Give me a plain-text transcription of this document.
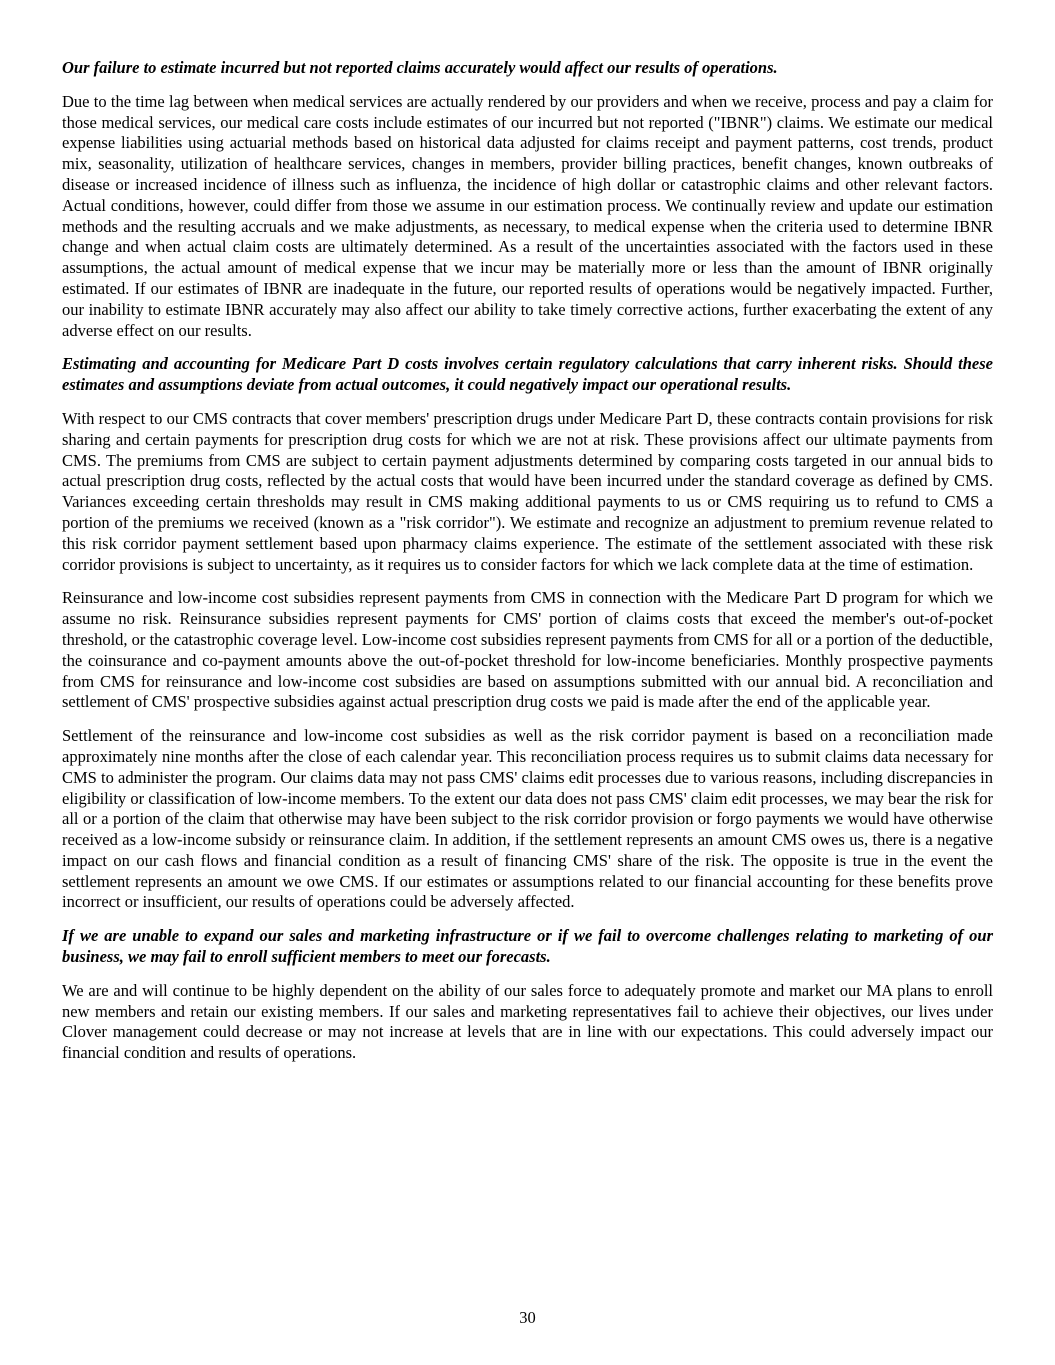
Our failure to estimate incurred but not reported claims accurately would affect our results of operations.

Due to the time lag between when medical services are actually rendered by our providers and when we receive, process and pay a claim for those medical services, our medical care costs include estimates of our incurred but not reported ("IBNR") claims. We estimate our medical expense liabilities using actuarial methods based on historical data adjusted for claims receipt and payment patterns, cost trends, product mix, seasonality, utilization of healthcare services, changes in members, provider billing practices, benefit changes, known outbreaks of disease or increased incidence of illness such as influenza, the incidence of high dollar or catastrophic claims and other relevant factors. Actual conditions, however, could differ from those we assume in our estimation process. We continually review and update our estimation methods and the resulting accruals and we make adjustments, as necessary, to medical expense when the criteria used to determine IBNR change and when actual claim costs are ultimately determined. As a result of the uncertainties associated with the factors used in these assumptions, the actual amount of medical expense that we incur may be materially more or less than the amount of IBNR originally estimated. If our estimates of IBNR are inadequate in the future, our reported results of operations would be negatively impacted. Further, our inability to estimate IBNR accurately may also affect our ability to take timely corrective actions, further exacerbating the extent of any adverse effect on our results.

Estimating and accounting for Medicare Part D costs involves certain regulatory calculations that carry inherent risks. Should these estimates and assumptions deviate from actual outcomes, it could negatively impact our operational results.

With respect to our CMS contracts that cover members' prescription drugs under Medicare Part D, these contracts contain provisions for risk sharing and certain payments for prescription drug costs for which we are not at risk. These provisions affect our ultimate payments from CMS. The premiums from CMS are subject to certain payment adjustments determined by comparing costs targeted in our annual bids to actual prescription drug costs, reflected by the actual costs that would have been incurred under the standard coverage as defined by CMS. Variances exceeding certain thresholds may result in CMS making additional payments to us or CMS requiring us to refund to CMS a portion of the premiums we received (known as a "risk corridor"). We estimate and recognize an adjustment to premium revenue related to this risk corridor payment settlement based upon pharmacy claims experience. The estimate of the settlement associated with these risk corridor provisions is subject to uncertainty, as it requires us to consider factors for which we lack complete data at the time of estimation.

Reinsurance and low-income cost subsidies represent payments from CMS in connection with the Medicare Part D program for which we assume no risk. Reinsurance subsidies represent payments for CMS' portion of claims costs that exceed the member's out-of-pocket threshold, or the catastrophic coverage level. Low-income cost subsidies represent payments from CMS for all or a portion of the deductible, the coinsurance and co-payment amounts above the out-of-pocket threshold for low-income beneficiaries. Monthly prospective payments from CMS for reinsurance and low-income cost subsidies are based on assumptions submitted with our annual bid. A reconciliation and settlement of CMS' prospective subsidies against actual prescription drug costs we paid is made after the end of the applicable year.

Settlement of the reinsurance and low-income cost subsidies as well as the risk corridor payment is based on a reconciliation made approximately nine months after the close of each calendar year. This reconciliation process requires us to submit claims data necessary for CMS to administer the program. Our claims data may not pass CMS' claims edit processes due to various reasons, including discrepancies in eligibility or classification of low-income members. To the extent our data does not pass CMS' claim edit processes, we may bear the risk for all or a portion of the claim that otherwise may have been subject to the risk corridor provision or forgo payments we would have otherwise received as a low-income subsidy or reinsurance claim. In addition, if the settlement represents an amount CMS owes us, there is a negative impact on our cash flows and financial condition as a result of financing CMS' share of the risk. The opposite is true in the event the settlement represents an amount we owe CMS. If our estimates or assumptions related to our financial accounting for these benefits prove incorrect or insufficient, our results of operations could be adversely affected.

If we are unable to expand our sales and marketing infrastructure or if we fail to overcome challenges relating to marketing of our business, we may fail to enroll sufficient members to meet our forecasts.

We are and will continue to be highly dependent on the ability of our sales force to adequately promote and market our MA plans to enroll new members and retain our existing members. If our sales and marketing representatives fail to achieve their objectives, our lives under Clover management could decrease or may not increase at levels that are in line with our expectations. This could adversely impact our financial condition and results of operations.

30
